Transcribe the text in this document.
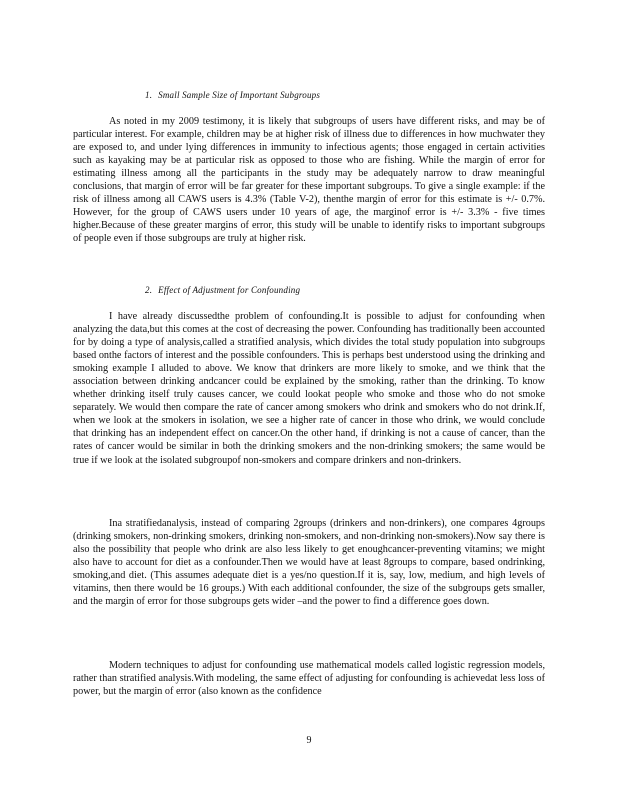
1. Small Sample Size of Important Subgroups

As noted in my 2009 testimony, it is likely that subgroups of users have different risks, and may be of particular interest. For example, children may be at higher risk of illness due to differences in how muchwater they are exposed to, and under lying differences in immunity to infectious agents; those engaged in certain activities such as kayaking may be at particular risk as opposed to those who are fishing. While the margin of error for estimating illness among all the participants in the study may be adequately narrow to draw meaningful conclusions, that margin of error will be far greater for these important subgroups. To give a single example: if the risk of illness among all CAWS users is 4.3% (Table V-2), thenthe margin of error for this estimate is +/- 0.7%. However, for the group of CAWS users under 10 years of age, the marginof error is +/- 3.3% - five times higher.Because of these greater margins of error, this study will be unable to identify risks to important subgroups of people even if those subgroups are truly at higher risk.

2. Effect of Adjustment for Confounding

I have already discussedthe problem of confounding.It is possible to adjust for confounding when analyzing the data,but this comes at the cost of decreasing the power. Confounding has traditionally been accounted for by doing a type of analysis,called a stratified analysis, which divides the total study population into subgroups based onthe factors of interest and the possible confounders. This is perhaps best understood using the drinking and smoking example I alluded to above. We know that drinkers are more likely to smoke, and we think that the association between drinking andcancer could be explained by the smoking, rather than the drinking. To know whether drinking itself truly causes cancer, we could lookat people who smoke and those who do not smoke separately. We would then compare the rate of cancer among smokers who drink and smokers who do not drink.If, when we look at the smokers in isolation, we see a higher rate of cancer in those who drink, we would conclude that drinking has an independent effect on cancer.On the other hand, if drinking is not a cause of cancer, than the rates of cancer would be similar in both the drinking smokers and the non-drinking smokers; the same would be true if we look at the isolated subgroupof non-smokers and compare drinkers and non-drinkers.

Ina stratifiedanalysis, instead of comparing 2groups (drinkers and non-drinkers), one compares 4groups (drinking smokers, non-drinking smokers, drinking non-smokers, and non-drinking non-smokers).Now say there is also the possibility that people who drink are also less likely to get enoughcancer-preventing vitamins; we might also have to account for diet as a confounder.Then we would have at least 8groups to compare, based ondrinking, smoking,and diet. (This assumes adequate diet is a yes/no question.If it is, say, low, medium, and high levels of vitamins, then there would be 16 groups.) With each additional confounder, the size of the subgroups gets smaller, and the margin of error for those subgroups gets wider –and the power to find a difference goes down.

Modern techniques to adjust for confounding use mathematical models called logistic regression models, rather than stratified analysis.With modeling, the same effect of adjusting for confounding is achievedat less loss of power, but the margin of error (also known as the confidence

9
